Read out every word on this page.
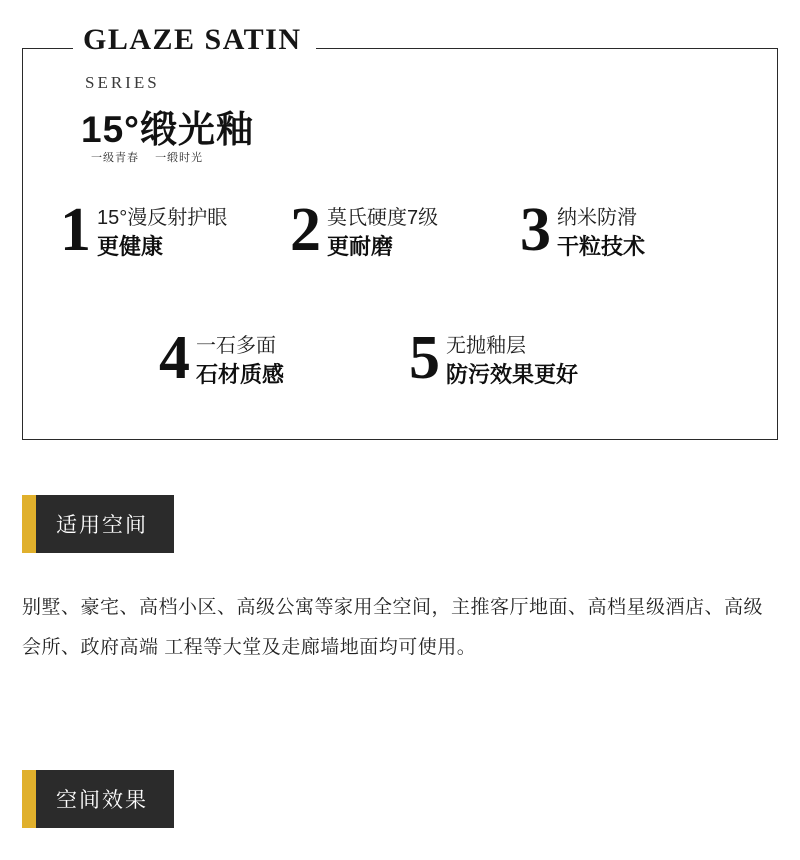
GLAZE SATIN
SERIES
15°缎光釉
一级青春 一缎时光
1 15°漫反射护眼
更健康	2 莫氏硬度7级
更耐磨	3 纳米防滑
干粒技术
4 一石多面
石材质感 5 无抛釉层
防污效果更好
适用空间
别墅、豪宅、高档小区、高级公寓等家用全空间，主推客厅地面、高档星级酒店、高级会所、政府高端 工程等大堂及走廊墙地面均可使用。
空间效果
